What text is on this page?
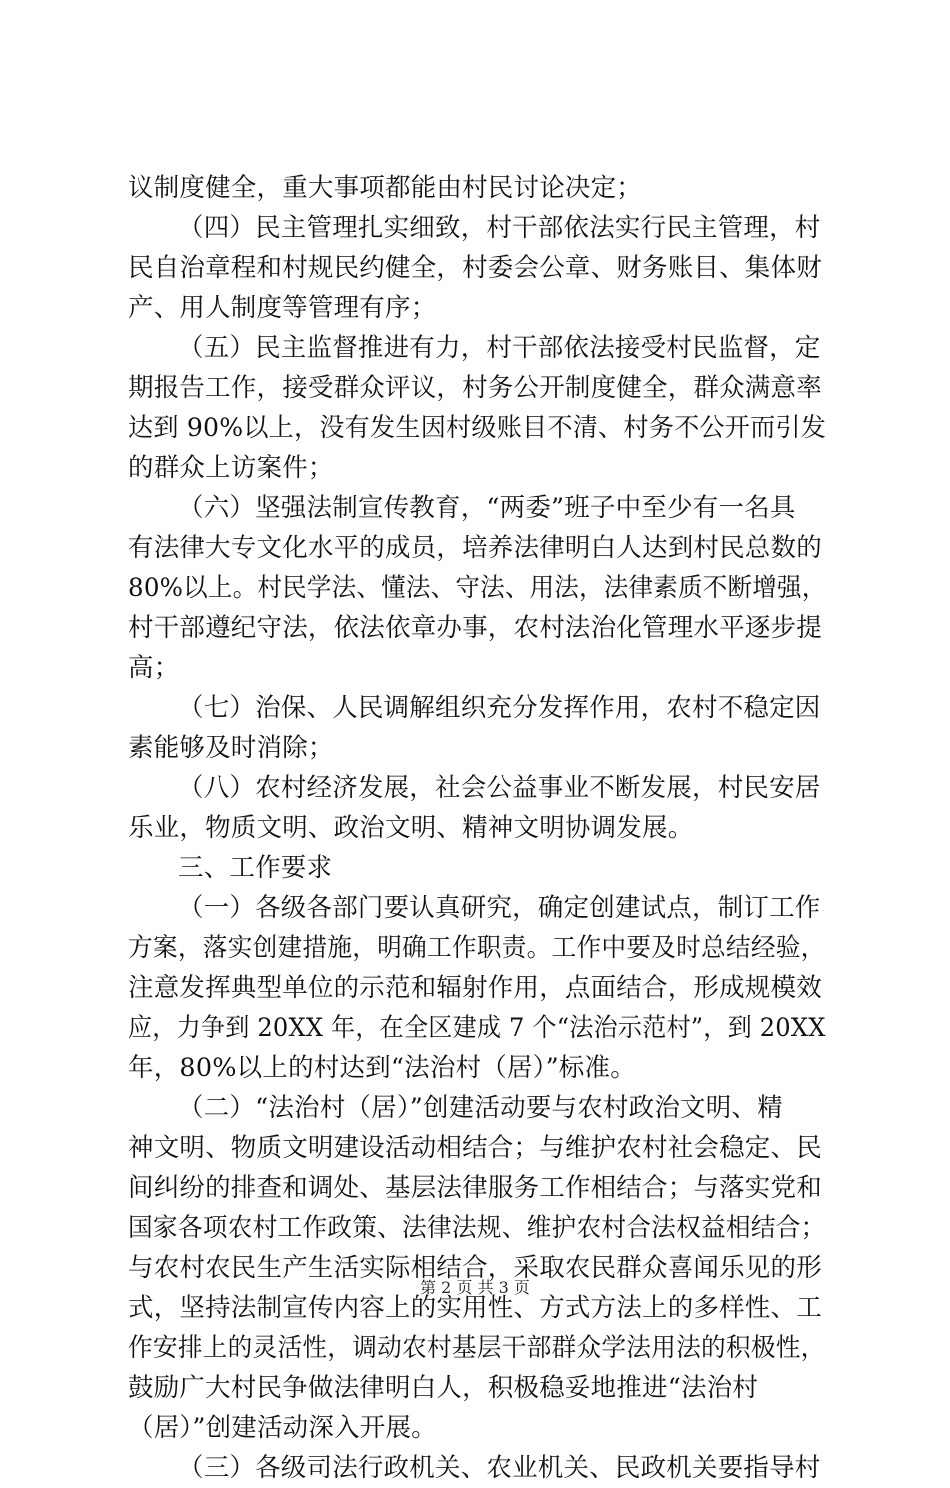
议制度健全，重大事项都能由村民讨论决定；
（四）民主管理扎实细致，村干部依法实行民主管理，村
民自治章程和村规民约健全，村委会公章、财务账目、集体财
产、用人制度等管理有序；
（五）民主监督推进有力，村干部依法接受村民监督，定
期报告工作，接受群众评议，村务公开制度健全，群众满意率
达到 90%以上，没有发生因村级账目不清、村务不公开而引发
的群众上访案件；
（六）坚强法制宣传教育，“两委”班子中至少有一名具
有法律大专文化水平的成员，培养法律明白人达到村民总数的
80%以上。村民学法、懂法、守法、用法，法律素质不断增强，
村干部遵纪守法，依法依章办事，农村法治化管理水平逐步提
高；
（七）治保、人民调解组织充分发挥作用，农村不稳定因
素能够及时消除；
（八）农村经济发展，社会公益事业不断发展，村民安居
乐业，物质文明、政治文明、精神文明协调发展。
三、工作要求
（一）各级各部门要认真研究，确定创建试点，制订工作
方案，落实创建措施，明确工作职责。工作中要及时总结经验，
注意发挥典型单位的示范和辐射作用，点面结合，形成规模效
应，力争到 20XX 年，在全区建成 7 个“法治示范村”，到 20XX
年，80%以上的村达到“法治村（居）”标准。
（二）“法治村（居）”创建活动要与农村政治文明、精
神文明、物质文明建设活动相结合；与维护农村社会稳定、民
间纠纷的排查和调处、基层法律服务工作相结合；与落实党和
国家各项农村工作政策、法律法规、维护农村合法权益相结合；
与农村农民生产生活实际相结合，采取农民群众喜闻乐见的形
式，坚持法制宣传内容上的实用性、方式方法上的多样性、工
作安排上的灵活性，调动农村基层干部群众学法用法的积极性，
鼓励广大村民争做法律明白人，积极稳妥地推进“法治村
（居）”创建活动深入开展。
（三）各级司法行政机关、农业机关、民政机关要指导村
第 2 页 共 3 页
